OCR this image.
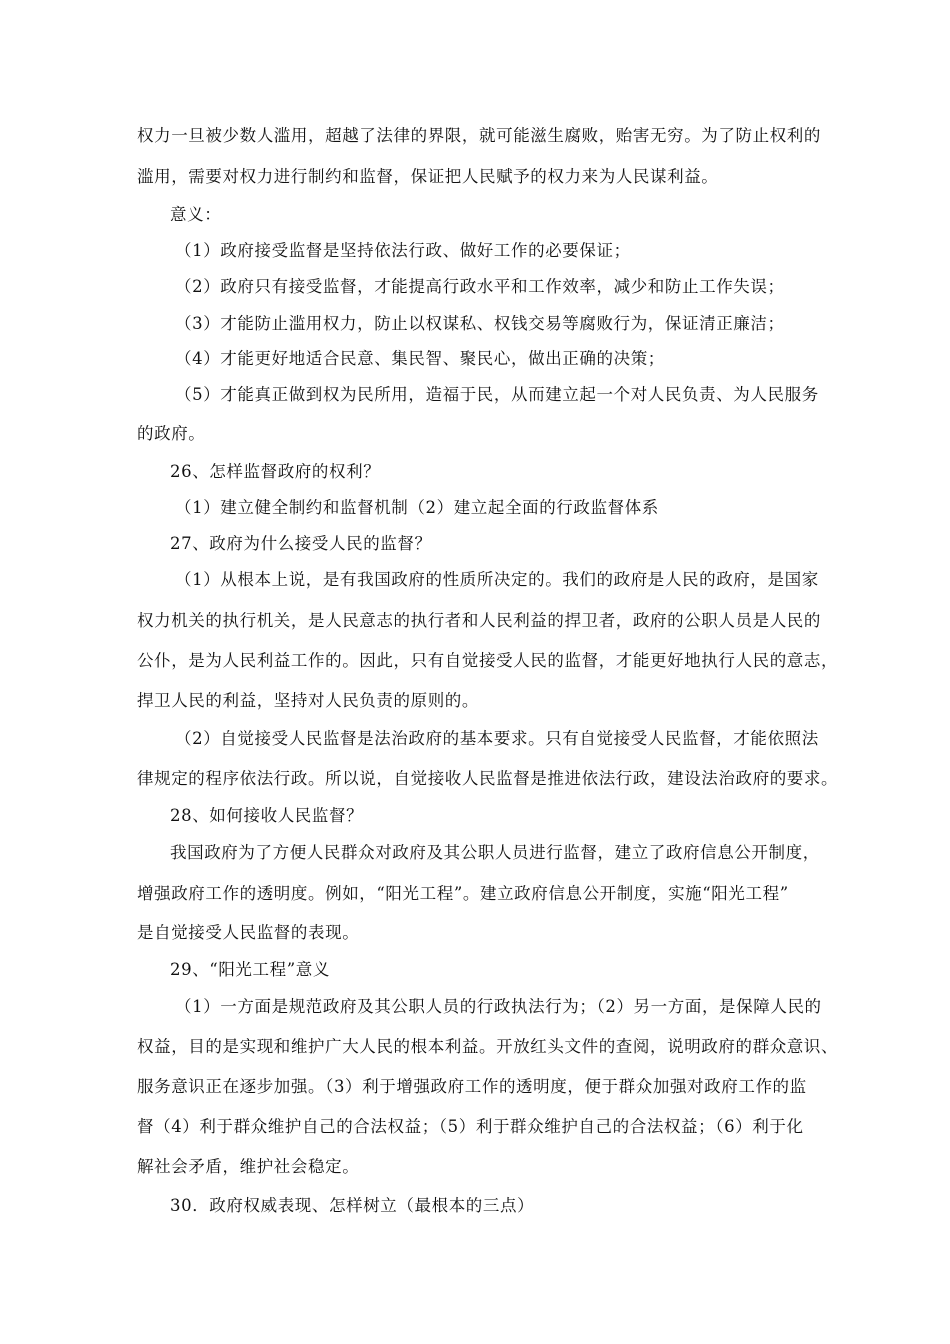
权力一旦被少数人滥用，超越了法律的界限，就可能滋生腐败，贻害无穷。为了防止权利的
滥用，需要对权力进行制约和监督，保证把人民赋予的权力来为人民谋利益。
意义：
（1）政府接受监督是坚持依法行政、做好工作的必要保证；
（2）政府只有接受监督，才能提高行政水平和工作效率，减少和防止工作失误；
（3）才能防止滥用权力，防止以权谋私、权钱交易等腐败行为，保证清正廉洁；
（4）才能更好地适合民意、集民智、聚民心，做出正确的决策；
（5）才能真正做到权为民所用，造福于民，从而建立起一个对人民负责、为人民服务
的政府。
26、怎样监督政府的权利？
（1）建立健全制约和监督机制（2）建立起全面的行政监督体系
27、政府为什么接受人民的监督？
（1）从根本上说，是有我国政府的性质所决定的。我们的政府是人民的政府，是国家
权力机关的执行机关，是人民意志的执行者和人民利益的捍卫者，政府的公职人员是人民的
公仆，是为人民利益工作的。因此，只有自觉接受人民的监督，才能更好地执行人民的意志，
捍卫人民的利益，坚持对人民负责的原则的。
（2）自觉接受人民监督是法治政府的基本要求。只有自觉接受人民监督，才能依照法
律规定的程序依法行政。所以说，自觉接收人民监督是推进依法行政，建设法治政府的要求。
28、如何接收人民监督？
我国政府为了方便人民群众对政府及其公职人员进行监督，建立了政府信息公开制度，
增强政府工作的透明度。例如，“阳光工程”。建立政府信息公开制度，实施“阳光工程”
是自觉接受人民监督的表现。
29、“阳光工程”意义
（1）一方面是规范政府及其公职人员的行政执法行为；（2）另一方面，是保障人民的
权益，目的是实现和维护广大人民的根本利益。开放红头文件的查阅，说明政府的群众意识、
服务意识正在逐步加强。（3）利于增强政府工作的透明度，便于群众加强对政府工作的监
督（4）利于群众维护自己的合法权益；（5）利于群众维护自己的合法权益；（6）利于化
解社会矛盾，维护社会稳定。
30．政府权威表现、怎样树立（最根本的三点）
